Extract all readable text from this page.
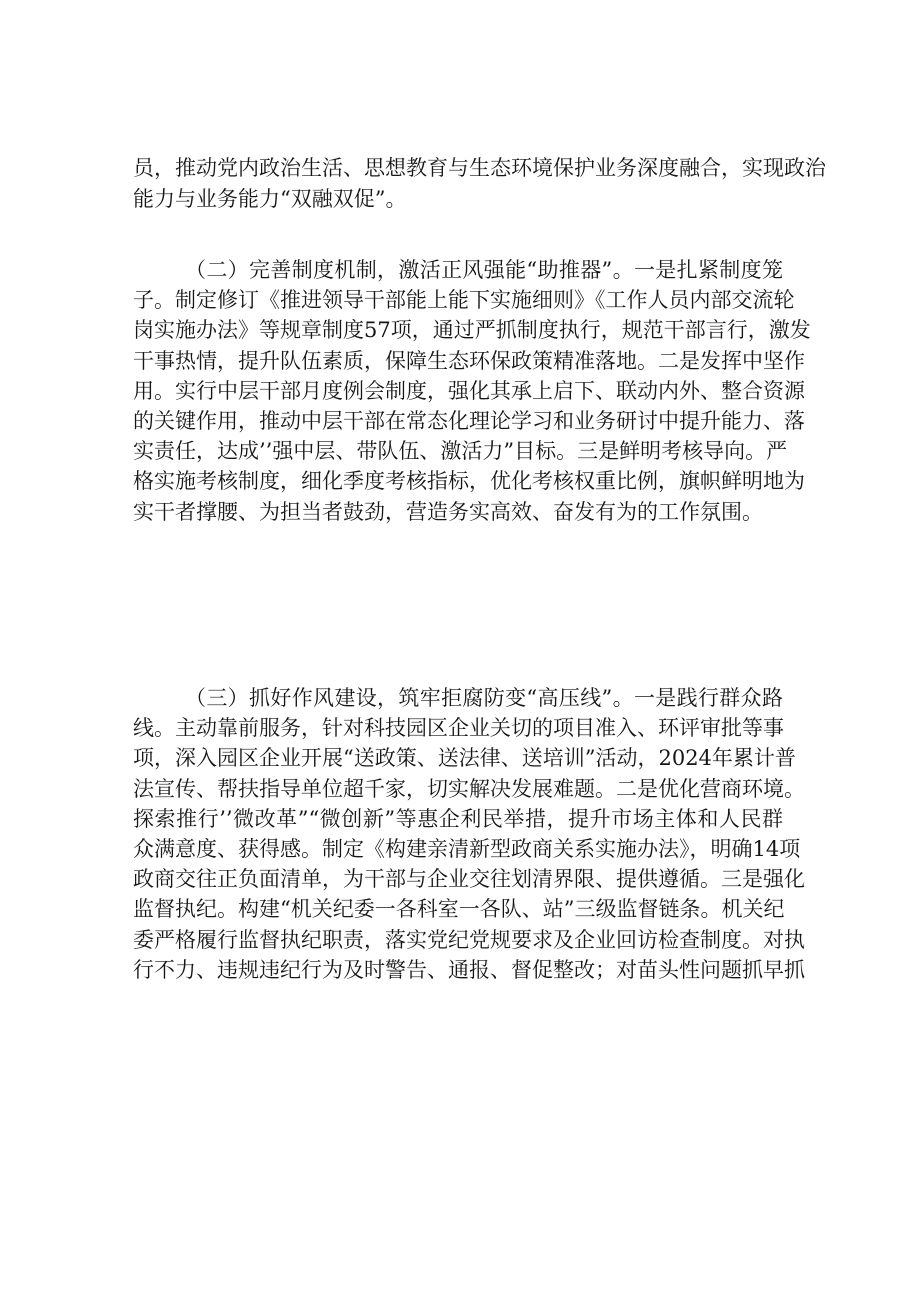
员，推动党内政治生活、思想教育与生态环境保护业务深度融合，实现政治
能力与业务能力“双融双促”。
（二）完善制度机制，激活正风强能“助推器”。一是扎紧制度笼
子。制定修订《推进领导干部能上能下实施细则》《工作人员内部交流轮
岗实施办法》等规章制度57项，通过严抓制度执行，规范干部言行，激发
干事热情，提升队伍素质，保障生态环保政策精准落地。二是发挥中坚作
用。实行中层干部月度例会制度，强化其承上启下、联动内外、整合资源
的关键作用，推动中层干部在常态化理论学习和业务研讨中提升能力、落
实责任，达成’’强中层、带队伍、激活力”目标。三是鲜明考核导向。严
格实施考核制度，细化季度考核指标，优化考核权重比例，旗帜鲜明地为
实干者撑腰、为担当者鼓劲，营造务实高效、奋发有为的工作氛围。
（三）抓好作风建设，筑牢拒腐防变“高压线”。一是践行群众路
线。主动靠前服务，针对科技园区企业关切的项目准入、环评审批等事
项，深入园区企业开展“送政策、送法律、送培训”活动，2024年累计普
法宣传、帮扶指导单位超千家，切实解决发展难题。二是优化营商环境。
探索推行’’微改革”“微创新”等惠企利民举措，提升市场主体和人民群
众满意度、获得感。制定《构建亲清新型政商关系实施办法》，明确14项
政商交往正负面清单，为干部与企业交往划清界限、提供遵循。三是强化
监督执纪。构建“机关纪委一各科室一各队、站”三级监督链条。机关纪
委严格履行监督执纪职责，落实党纪党规要求及企业回访检查制度。对执
行不力、违规违纪行为及时警告、通报、督促整改；对苗头性问题抓早抓
